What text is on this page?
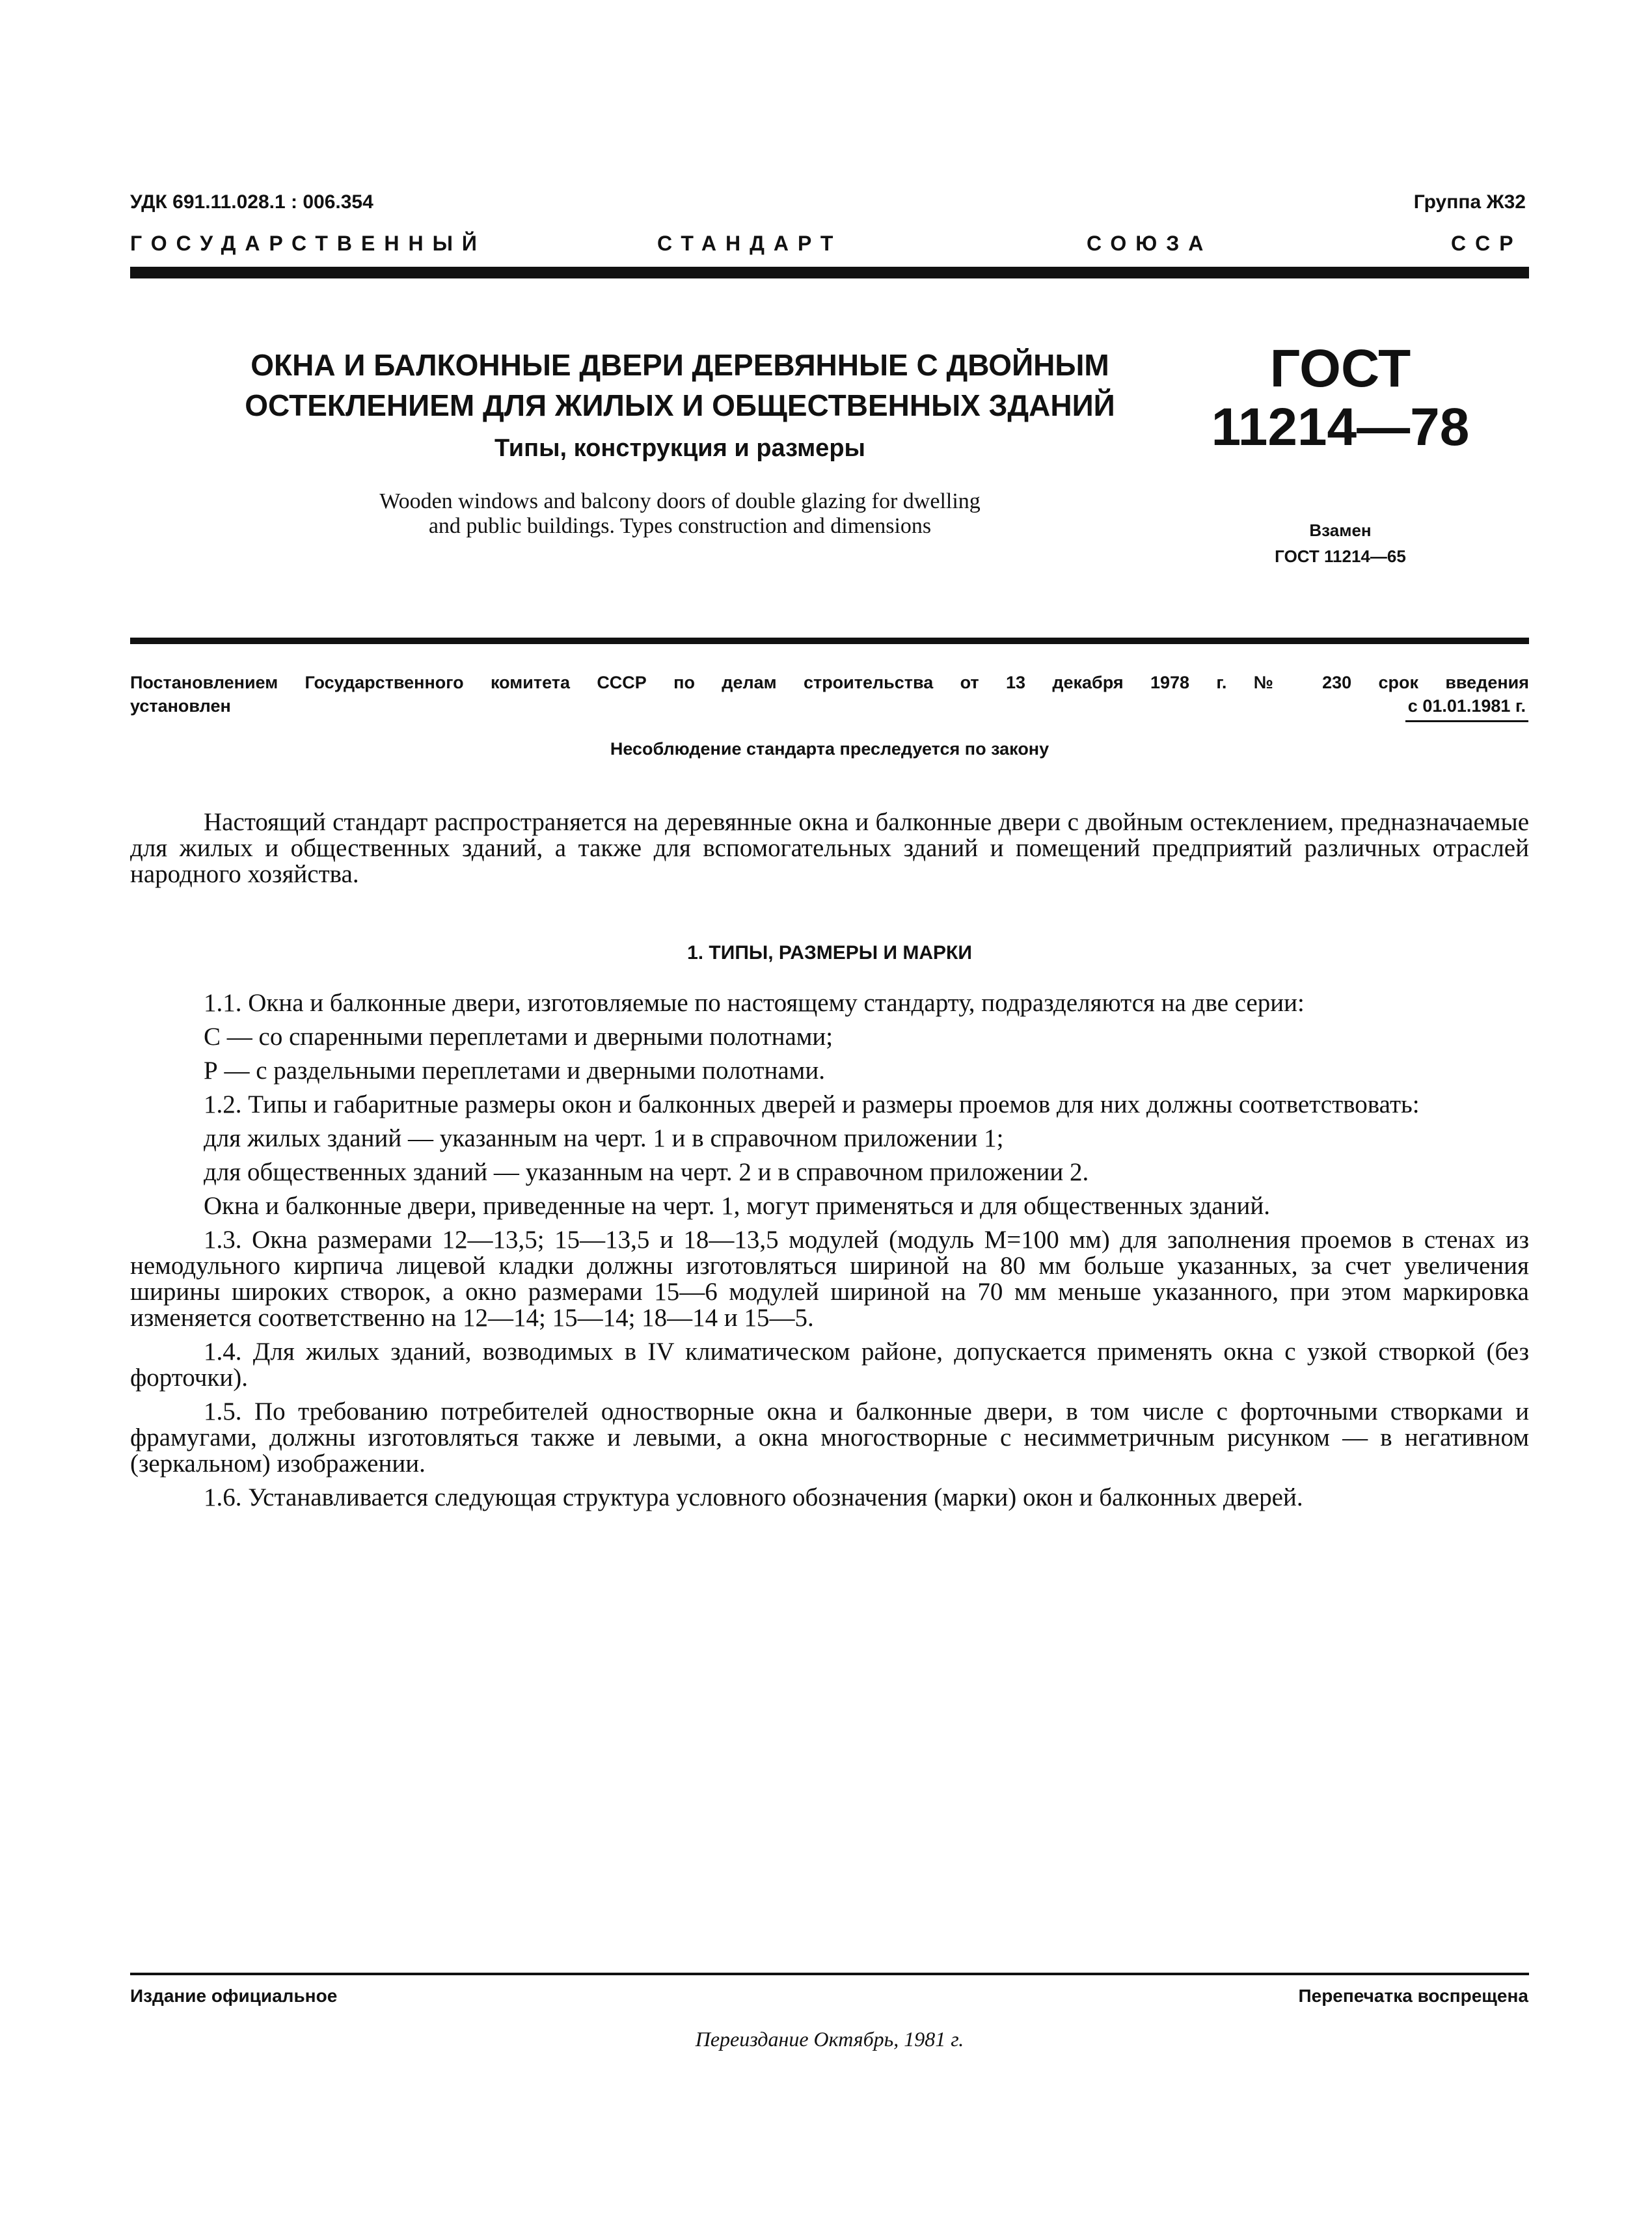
УДК 691.11.028.1 : 006.354	Группа Ж32
ГОСУДАРСТВЕННЫЙ	СТАНДАРТ	СОЮЗА	ССР
ОКНА И БАЛКОННЫЕ ДВЕРИ ДЕРЕВЯННЫЕ С ДВОЙНЫМ
ОСТЕКЛЕНИЕМ ДЛЯ ЖИЛЫХ И ОБЩЕСТВЕННЫХ ЗДАНИЙ
Типы, конструкция и размеры
Wooden windows and balcony doors of double glazing for dwelling
and public buildings. Types construction and dimensions
ГОСТ
11214—78
Взамен
ГОСТ 11214—65
Постановлением Государственного комитета СССР по делам строительства от 13 декабря 1978 г. № 230 срок введения
установлен	с 01.01.1981 г.
Несоблюдение стандарта преследуется по закону

Настоящий стандарт распространяется на деревянные окна и балконные двери с двойным остеклением, предназначаемые для жилых и общественных зданий, а также для вспомогательных зданий и помещений предприятий различных отраслей народного хозяйства.

1. ТИПЫ, РАЗМЕРЫ И МАРКИ

1.1. Окна и балконные двери, изготовляемые по настоящему стандарту, подразделяются на две серии:

С — со спаренными переплетами и дверными полотнами;

Р — с раздельными переплетами и дверными полотнами.

1.2. Типы и габаритные размеры окон и балконных дверей и размеры проемов для них должны соответствовать:

для жилых зданий — указанным на черт. 1 и в справочном приложении 1;

для общественных зданий — указанным на черт. 2 и в справочном приложении 2.

Окна и балконные двери, приведенные на черт. 1, могут применяться и для общественных зданий.

1.3. Окна размерами 12—13,5; 15—13,5 и 18—13,5 модулей (модуль М=100 мм) для заполнения проемов в стенах из немодульного кирпича лицевой кладки должны изготовляться шириной на 80 мм больше указанных, за счет увеличения ширины широких створок, а окно размерами 15—6 модулей шириной на 70 мм меньше указанного, при этом маркировка изменяется соответственно на 12—14; 15—14; 18—14 и 15—5.

1.4. Для жилых зданий, возводимых в IV климатическом районе, допускается применять окна с узкой створкой (без форточки).

1.5. По требованию потребителей одностворные окна и балконные двери, в том числе с форточными створками и фрамугами, должны изготовляться также и левыми, а окна многостворные с несимметричным рисунком — в негативном (зеркальном) изображении.

1.6. Устанавливается следующая структура условного обозначения (марки) окон и балконных дверей.

Издание официальное	Перепечатка воспрещена
Переиздание Октябрь, 1981 г.
